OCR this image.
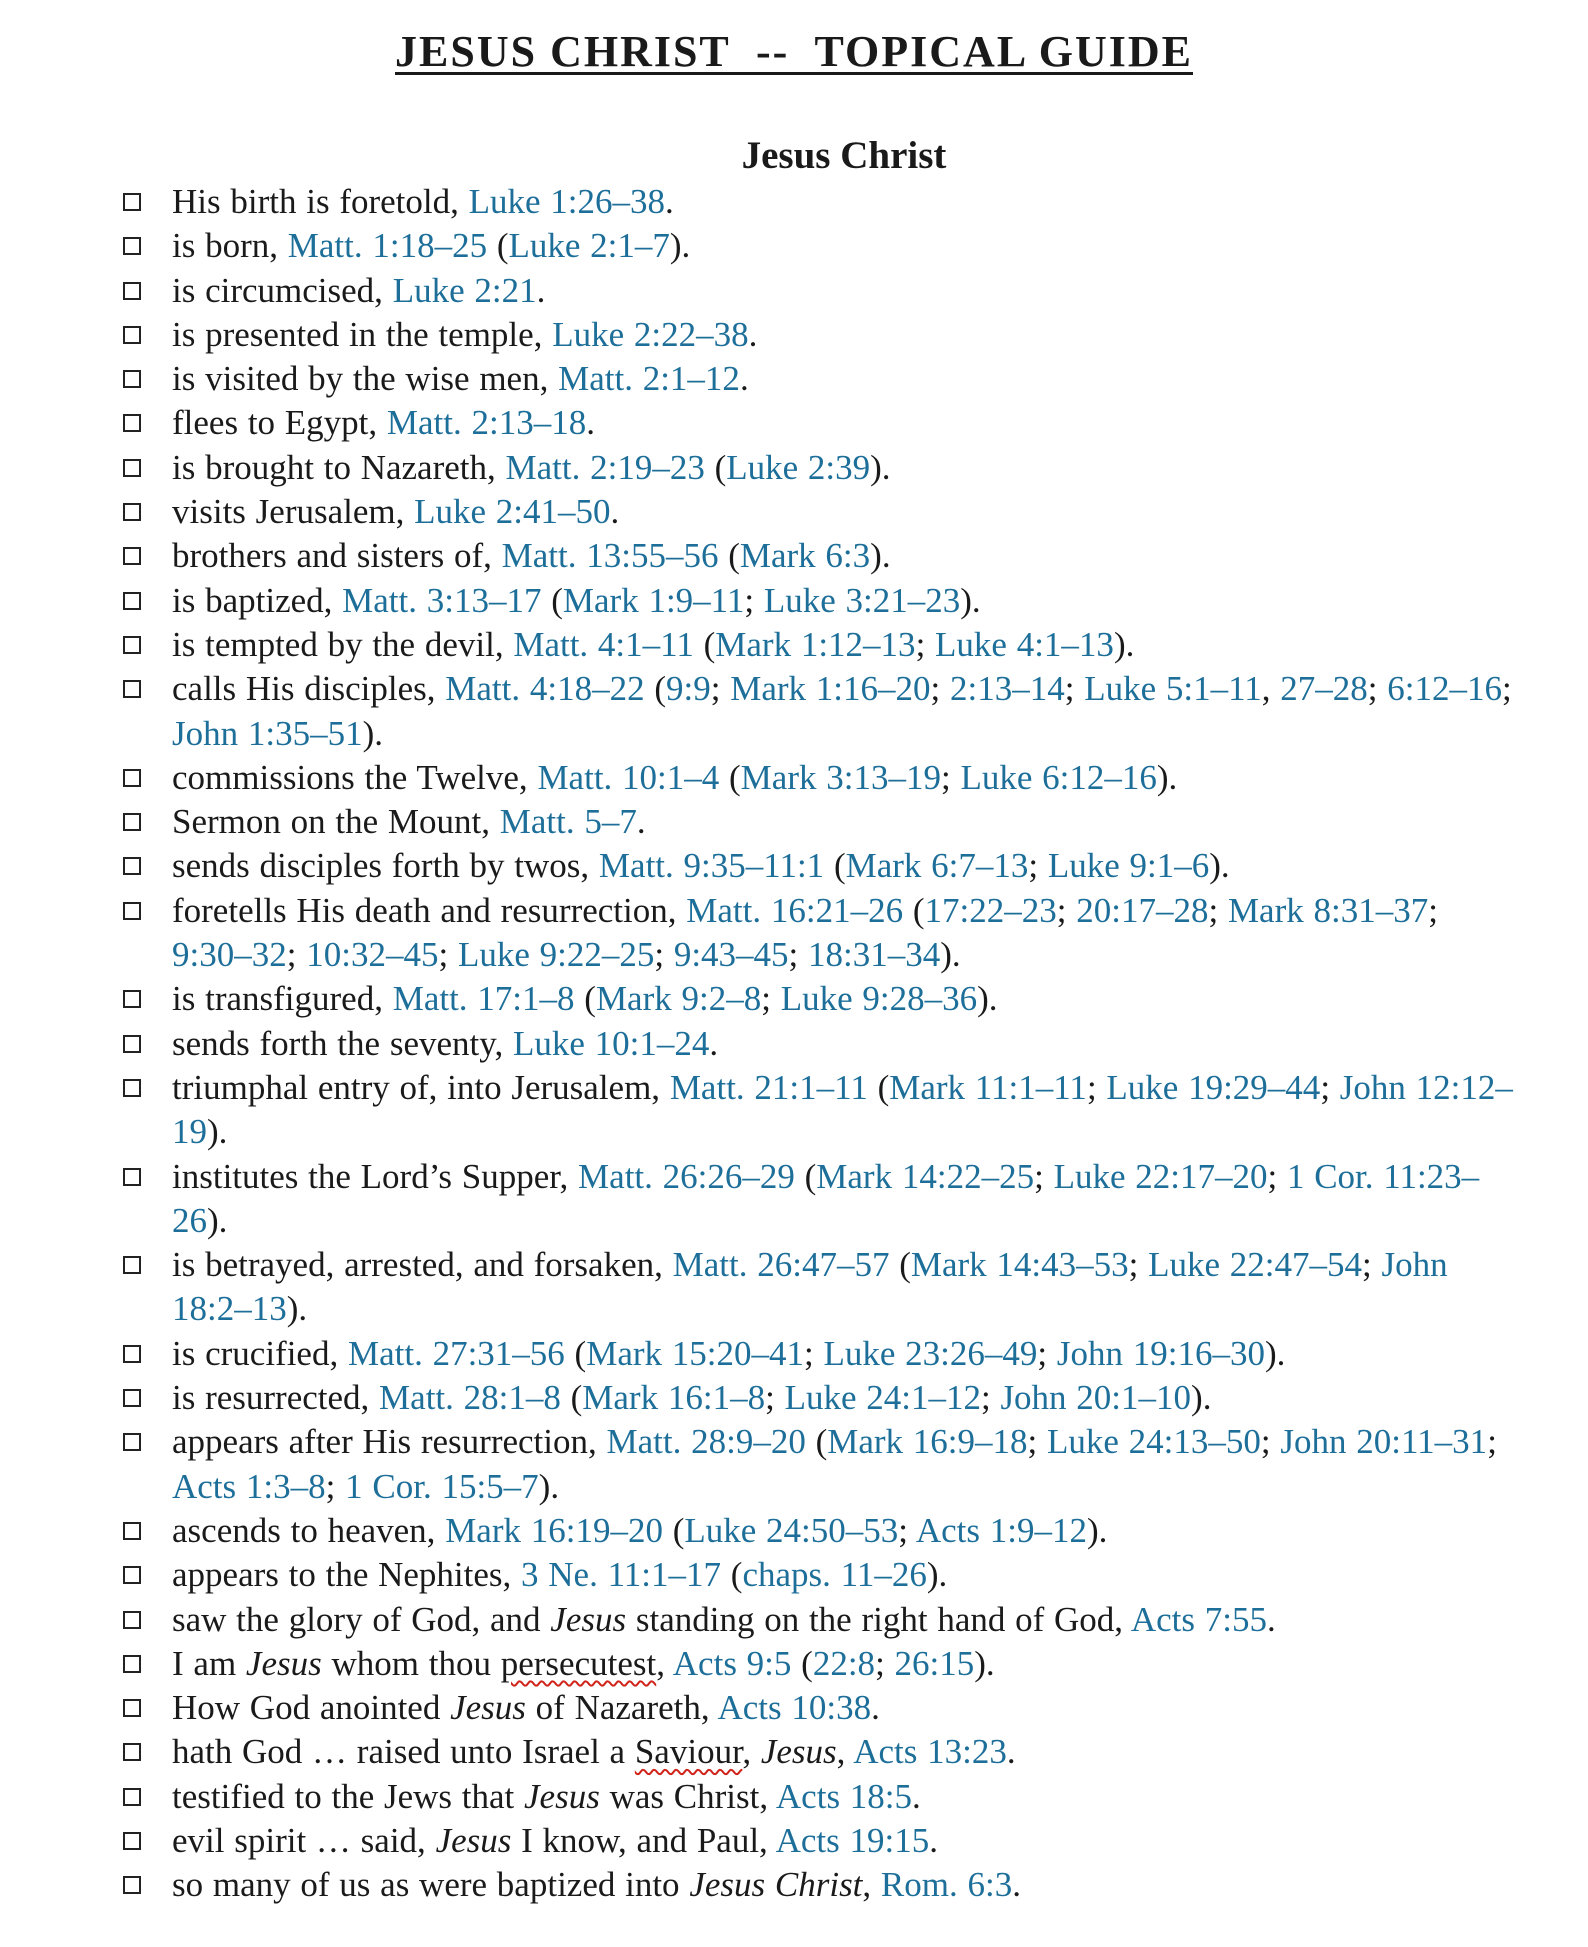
JESUS CHRIST  --  TOPICAL GUIDE
Jesus Christ
His birth is foretold, Luke 1:26–38.
is born, Matt. 1:18–25 (Luke 2:1–7).
is circumcised, Luke 2:21.
is presented in the temple, Luke 2:22–38.
is visited by the wise men, Matt. 2:1–12.
flees to Egypt, Matt. 2:13–18.
is brought to Nazareth, Matt. 2:19–23 (Luke 2:39).
visits Jerusalem, Luke 2:41–50.
brothers and sisters of, Matt. 13:55–56 (Mark 6:3).
is baptized, Matt. 3:13–17 (Mark 1:9–11; Luke 3:21–23).
is tempted by the devil, Matt. 4:1–11 (Mark 1:12–13; Luke 4:1–13).
calls His disciples, Matt. 4:18–22 (9:9; Mark 1:16–20; 2:13–14; Luke 5:1–11, 27–28; 6:12–16; John 1:35–51).
commissions the Twelve, Matt. 10:1–4 (Mark 3:13–19; Luke 6:12–16).
Sermon on the Mount, Matt. 5–7.
sends disciples forth by twos, Matt. 9:35–11:1 (Mark 6:7–13; Luke 9:1–6).
foretells His death and resurrection, Matt. 16:21–26 (17:22–23; 20:17–28; Mark 8:31–37; 9:30–32; 10:32–45; Luke 9:22–25; 9:43–45; 18:31–34).
is transfigured, Matt. 17:1–8 (Mark 9:2–8; Luke 9:28–36).
sends forth the seventy, Luke 10:1–24.
triumphal entry of, into Jerusalem, Matt. 21:1–11 (Mark 11:1–11; Luke 19:29–44; John 12:12–19).
institutes the Lord’s Supper, Matt. 26:26–29 (Mark 14:22–25; Luke 22:17–20; 1 Cor. 11:23–26).
is betrayed, arrested, and forsaken, Matt. 26:47–57 (Mark 14:43–53; Luke 22:47–54; John 18:2–13).
is crucified, Matt. 27:31–56 (Mark 15:20–41; Luke 23:26–49; John 19:16–30).
is resurrected, Matt. 28:1–8 (Mark 16:1–8; Luke 24:1–12; John 20:1–10).
appears after His resurrection, Matt. 28:9–20 (Mark 16:9–18; Luke 24:13–50; John 20:11–31; Acts 1:3–8; 1 Cor. 15:5–7).
ascends to heaven, Mark 16:19–20 (Luke 24:50–53; Acts 1:9–12).
appears to the Nephites, 3 Ne. 11:1–17 (chaps. 11–26).
saw the glory of God, and Jesus standing on the right hand of God, Acts 7:55.
I am Jesus whom thou persecutest, Acts 9:5 (22:8; 26:15).
How God anointed Jesus of Nazareth, Acts 10:38.
hath God … raised unto Israel a Saviour, Jesus, Acts 13:23.
testified to the Jews that Jesus was Christ, Acts 18:5.
evil spirit … said, Jesus I know, and Paul, Acts 19:15.
so many of us as were baptized into Jesus Christ, Rom. 6:3.
